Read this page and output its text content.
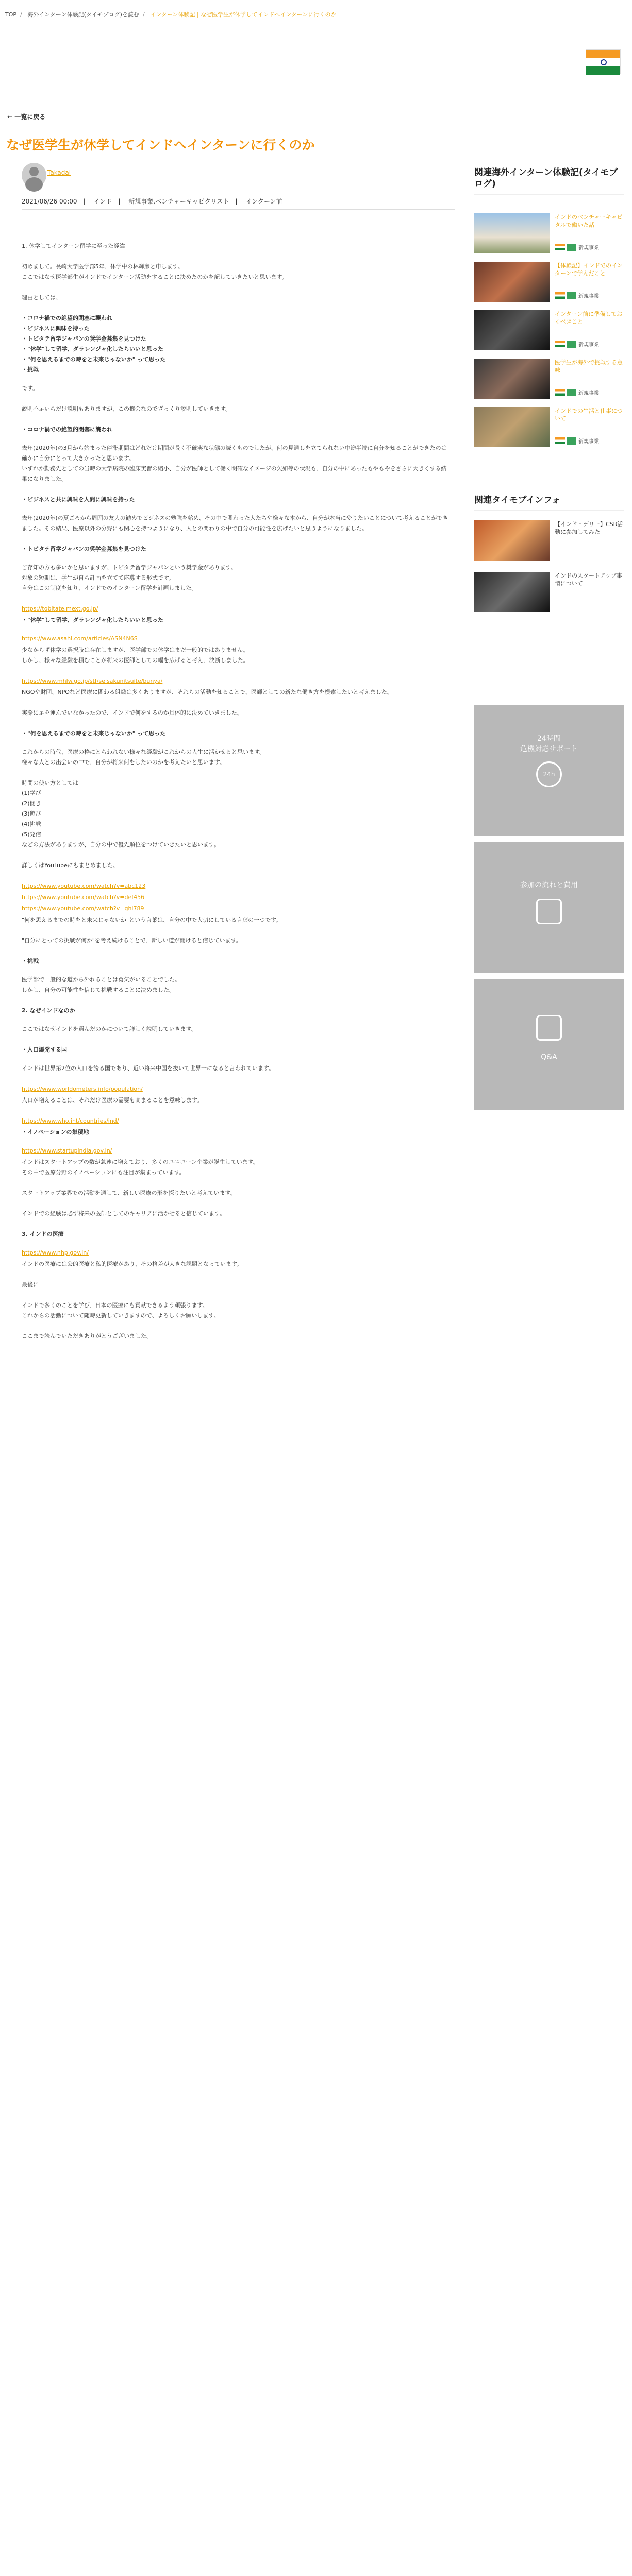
TOP / 海外インターン体験記(タイモブログ)を読む / インターン体験記 | なぜ医学生が休学してインドへインターンに行くのか
← 一覧に戻る
なぜ医学生が休学してインドへインターンに行くのか
Takadai
2021/06/26 00:00 | インド | 新規事業,ベンチャーキャピタリスト | インターン前

1. 休学してインターン留学に至った経緯

初めまして。長崎大学医学部5年、休学中の林輝彦と申します。
ここではなぜ医学部生がインドでインターン活動をすることに決めたのかを記していきたいと思います。

理由としては、

・コロナ禍での絶望的閉塞に襲われ
・ビジネスに興味を持った
・トビタテ留学ジャパンの奨学金募集を見つけた
・"休学"して留学、ダラレンジャ化したらいいと思った
・"何を思えるまでの時をと未来じゃないか" って思った
・挑戦

です。

説明不足いらだけ説明もありますが、この機会なのでざっくり説明していきます。

・コロナ禍での絶望的閉塞に襲われ

去年(2020年)の3月から始まった停滞期間はどれだけ期間が長く不確実な状態の続くものでしたが、何の見通しを立てられない中途半端に自分を知ることができたのは確かに自分にとって大きかったと思います。
いずれか勤務先としての当時の大学病院の臨床実習の縮小、自分が医師として働く明確なイメージの欠如等の状況も、自分の中にあったもやもやをさらに大きくする結果になりました。

・ビジネスと共に興味を人間に興味を持った

去年(2020年)の夏ごろから周囲の友人の勧めでビジネスの勉強を始め、その中で関わった人たちや様々な本から、自分が本当にやりたいことについて考えることができました。その結果、医療以外の分野にも関心を持つようになり、人との関わりの中で自分の可能性を広げたいと思うようになりました。

・トビタテ留学ジャパンの奨学金募集を見つけた

ご存知の方も多いかと思いますが、トビタテ留学ジャパンという奨学金があります。
対象の短期は、学生が自ら計画を立てて応募する形式です。
自分はこの制度を知り、インドでのインターン留学を計画しました。

https://tobitate.mext.go.jp/

・"休学"して留学、ダラレンジャ化したらいいと思った

https://www.asahi.com/articles/ASN4N6S

少なからず休学の選択肢は存在しますが、医学部での休学はまだ一般的ではありません。
しかし、様々な経験を積むことが将来の医師としての幅を広げると考え、決断しました。

https://www.mhlw.go.jp/stf/seisakunitsuite/bunya/

NGOや財団、NPOなど医療に関わる組織は多くありますが、それらの活動を知ることで、医師としての新たな働き方を模索したいと考えました。

実際に足を運んでいなかったので、インドで何をするのか具体的に決めていきました。

・"何を思えるまでの時をと未来じゃないか" って思った

これからの時代、医療の枠にとらわれない様々な経験がこれからの人生に活かせると思います。
様々な人との出会いの中で、自分が将来何をしたいのかを考えたいと思います。

時間の使い方としては
(1)学び
(2)働き
(3)遊び
(4)挑戦
(5)発信
などの方法がありますが、自分の中で優先順位をつけていきたいと思います。

詳しくはYouTubeにもまとめました。

https://www.youtube.com/watch?v=abc123
https://www.youtube.com/watch?v=def456
https://www.youtube.com/watch?v=ghi789

"何を思えるまでの時をと未来じゃないか"という言葉は、自分の中で大切にしている言葉の一つです。

"自分にとっての挑戦が何か"を考え続けることで、新しい道が開けると信じています。

・挑戦

医学部で一般的な道から外れることは勇気がいることでした。
しかし、自分の可能性を信じて挑戦することに決めました。

2. なぜインドなのか

ここではなぜインドを選んだのかについて詳しく説明していきます。

・人口爆発する国

インドは世界第2位の人口を誇る国であり、近い将来中国を抜いて世界一になると言われています。

https://www.worldometers.info/population/

人口が増えることは、それだけ医療の需要も高まることを意味します。

https://www.who.int/countries/ind/

・イノベーションの集積地

https://www.startupindia.gov.in/

インドはスタートアップの数が急速に増えており、多くのユニコーン企業が誕生しています。
その中で医療分野のイノベーションにも注目が集まっています。

スタートアップ業界での活動を通して、新しい医療の形を探りたいと考えています。

インドでの経験は必ず将来の医師としてのキャリアに活かせると信じています。

3. インドの医療

https://www.nhp.gov.in/

インドの医療には公的医療と私的医療があり、その格差が大きな課題となっています。

最後に

インドで多くのことを学び、日本の医療にも貢献できるよう頑張ります。
これからの活動について随時更新していきますので、よろしくお願いします。

ここまで読んでいただきありがとうございました。

関連海外インターン体験記(タイモブログ)
インドのベンチャーキャピタルで働いた話
新規事業
【体験記】インドでのインターンで学んだこと
新規事業
インターン前に準備しておくべきこと
新規事業
医学生が海外で挑戦する意味
新規事業
インドでの生活と仕事について
新規事業
関連タイモブインフォ
【インド・デリー】CSR活動に参加してみた
インドのスタートアップ事情について
24時間
危機対応サポート
24h
参加の流れと費用
Q&A
